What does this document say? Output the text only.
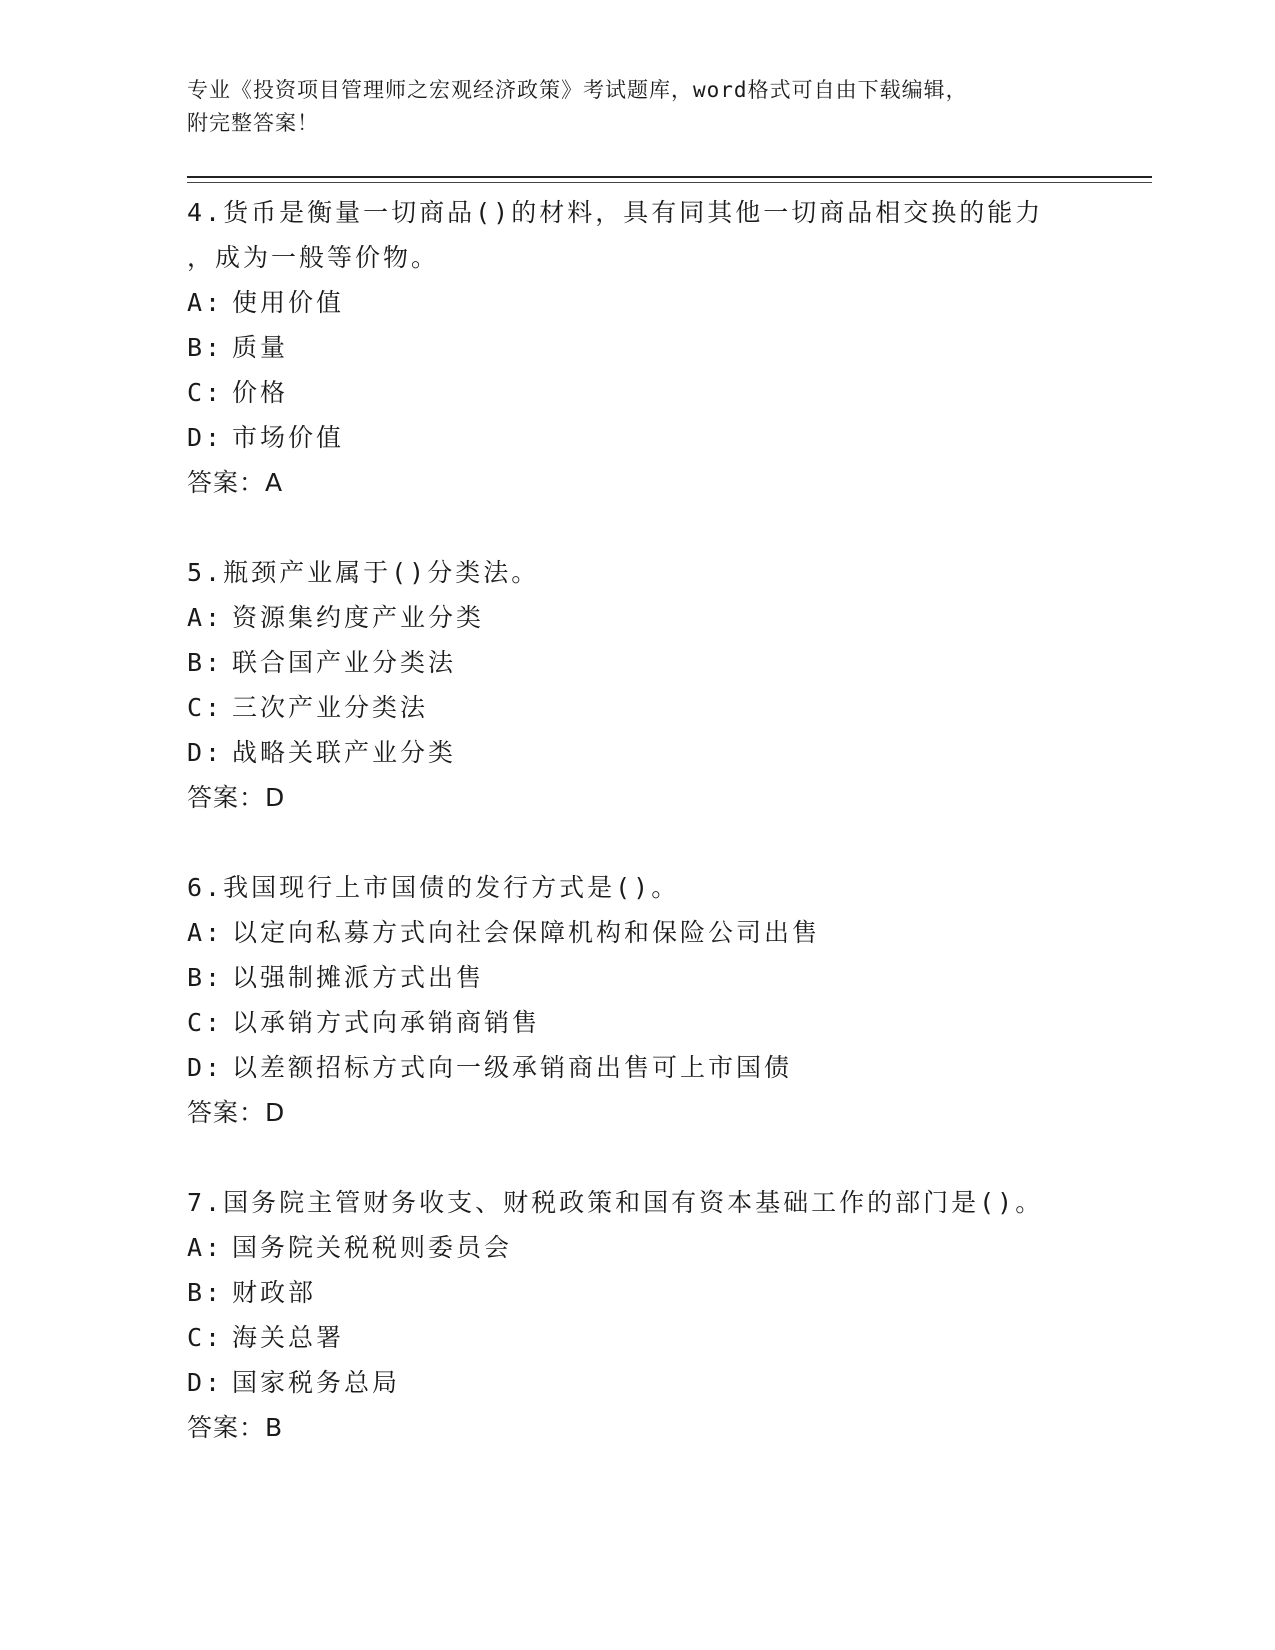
专业《投资项目管理师之宏观经济政策》考试题库，word格式可自由下载编辑，
附完整答案！

4.货币是衡量一切商品()的材料，具有同其他一切商品相交换的能力

，成为一般等价物。

A: 使用价值

B: 质量

C: 价格

D: 市场价值

答案：A

5.瓶颈产业属于()分类法。

A: 资源集约度产业分类

B: 联合国产业分类法

C: 三次产业分类法

D: 战略关联产业分类

答案：D

6.我国现行上市国债的发行方式是()。

A: 以定向私募方式向社会保障机构和保险公司出售

B: 以强制摊派方式出售

C: 以承销方式向承销商销售

D: 以差额招标方式向一级承销商出售可上市国债

答案：D

7.国务院主管财务收支、财税政策和国有资本基础工作的部门是()。

A: 国务院关税税则委员会

B: 财政部

C: 海关总署

D: 国家税务总局

答案：B
